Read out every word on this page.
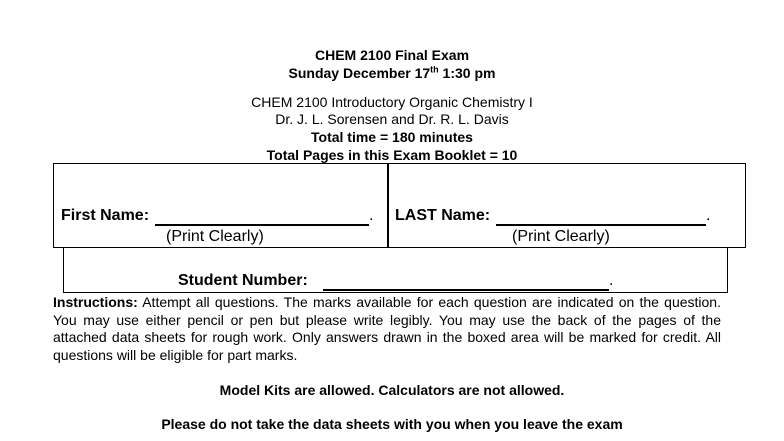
CHEM 2100 Final Exam
Sunday December 17th 1:30 pm
CHEM 2100 Introductory Organic Chemistry I
Dr. J. L. Sorensen and Dr. R. L. Davis
Total time = 180 minutes
Total Pages in this Exam Booklet = 10
First Name:	.
(Print Clearly)
LAST Name:	.
(Print Clearly)
Student Number:	.

Instructions: Attempt all questions. The marks available for each question are indicated on the question. You may use either pencil or pen but please write legibly. You may use the back of the pages of the attached data sheets for rough work. Only answers drawn in the boxed area will be marked for credit. All questions will be eligible for part marks.

Model Kits are allowed. Calculators are not allowed.
Please do not take the data sheets with you when you leave the exam
